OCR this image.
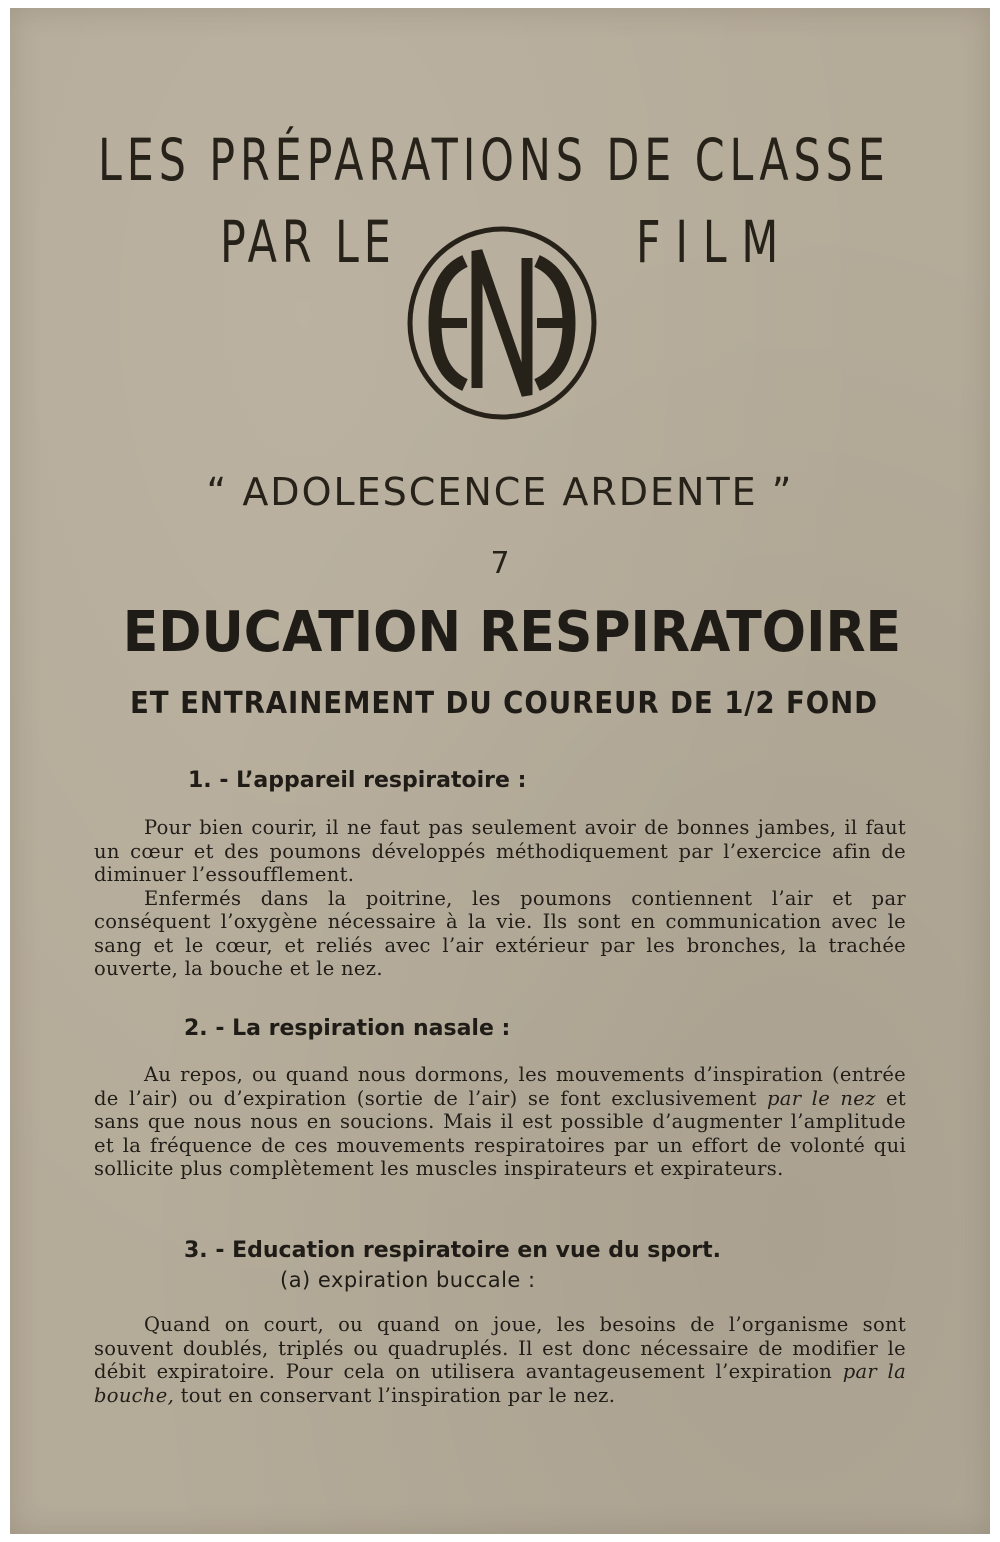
LES PRÉPARATIONS DE CLASSE
PAR LE	FILM
“ ADOLESCENCE ARDENTE ”
7
EDUCATION RESPIRATOIRE
ET ENTRAINEMENT DU COUREUR DE 1/2 FOND
1. - L’appareil respiratoire :

Pour bien courir, il ne faut pas seulement avoir de bonnes jambes, il faut un cœur et des poumons développés méthodiquement par l’exercice afin de diminuer l’essoufflement.

Enfermés dans la poitrine, les poumons contiennent l’air et par conséquent l’oxygène nécessaire à la vie. Ils sont en communication avec le sang et le cœur, et reliés avec l’air extérieur par les bronches, la trachée ouverte, la bouche et le nez.

2. - La respiration nasale :

Au repos, ou quand nous dormons, les mouvements d’inspiration (entrée de l’air) ou d’expiration (sortie de l’air) se font exclusivement par le nez et sans que nous nous en soucions. Mais il est possible d’augmenter l’amplitude et la fréquence de ces mouvements respiratoires par un effort de volonté qui sollicite plus complètement les muscles inspirateurs et expirateurs.

3. - Education respiratoire en vue du sport.
(a) expiration buccale :

Quand on court, ou quand on joue, les besoins de l’organisme sont souvent doublés, triplés ou quadruplés. Il est donc nécessaire de modifier le débit expiratoire. Pour cela on utilisera avantageusement l’expiration par la bouche, tout en conservant l’inspiration par le nez.
